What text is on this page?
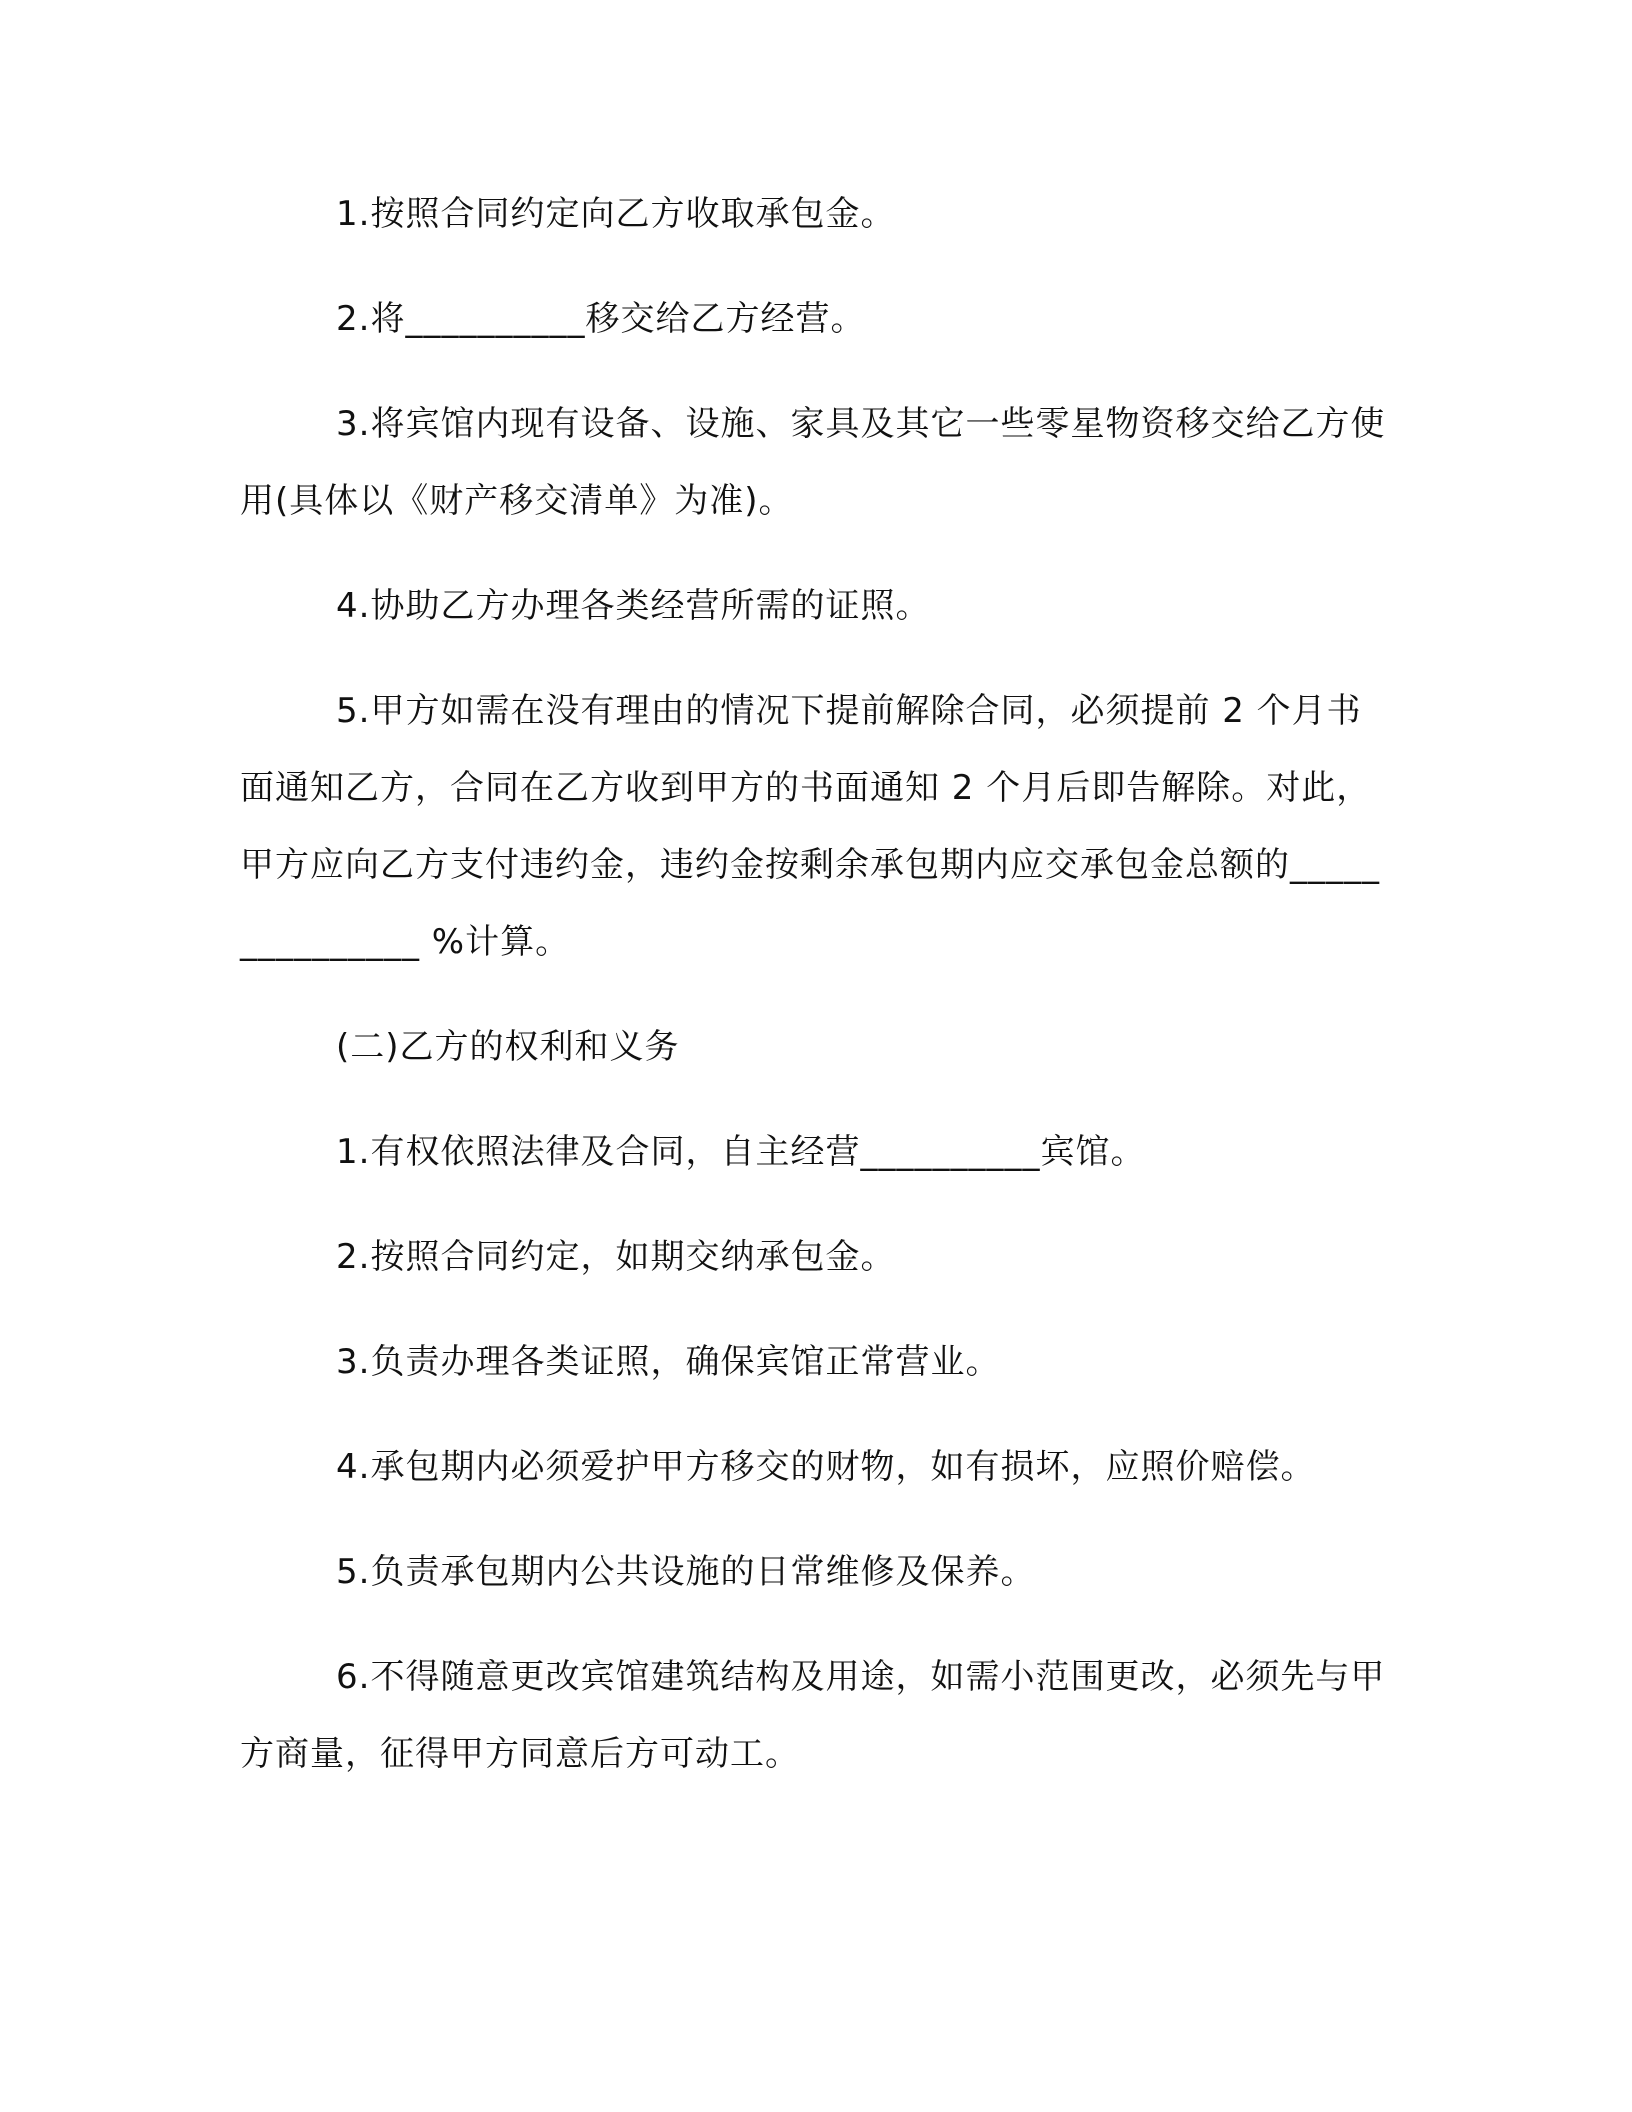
1.按照合同约定向乙方收取承包金。

2.将__________移交给乙方经营。

3.将宾馆内现有设备、设施、家具及其它一些零星物资移交给乙方使用(具体以《财产移交清单》为准)。

4.协助乙方办理各类经营所需的证照。

5.甲方如需在没有理由的情况下提前解除合同，必须提前 2 个月书面通知乙方，合同在乙方收到甲方的书面通知 2 个月后即告解除。对此，甲方应向乙方支付违约金，违约金按剩余承包期内应交承包金总额的_______________ %计算。

(二)乙方的权利和义务

1.有权依照法律及合同，自主经营__________宾馆。

2.按照合同约定，如期交纳承包金。

3.负责办理各类证照，确保宾馆正常营业。

4.承包期内必须爱护甲方移交的财物，如有损坏，应照价赔偿。

5.负责承包期内公共设施的日常维修及保养。

6.不得随意更改宾馆建筑结构及用途，如需小范围更改，必须先与甲方商量，征得甲方同意后方可动工。
